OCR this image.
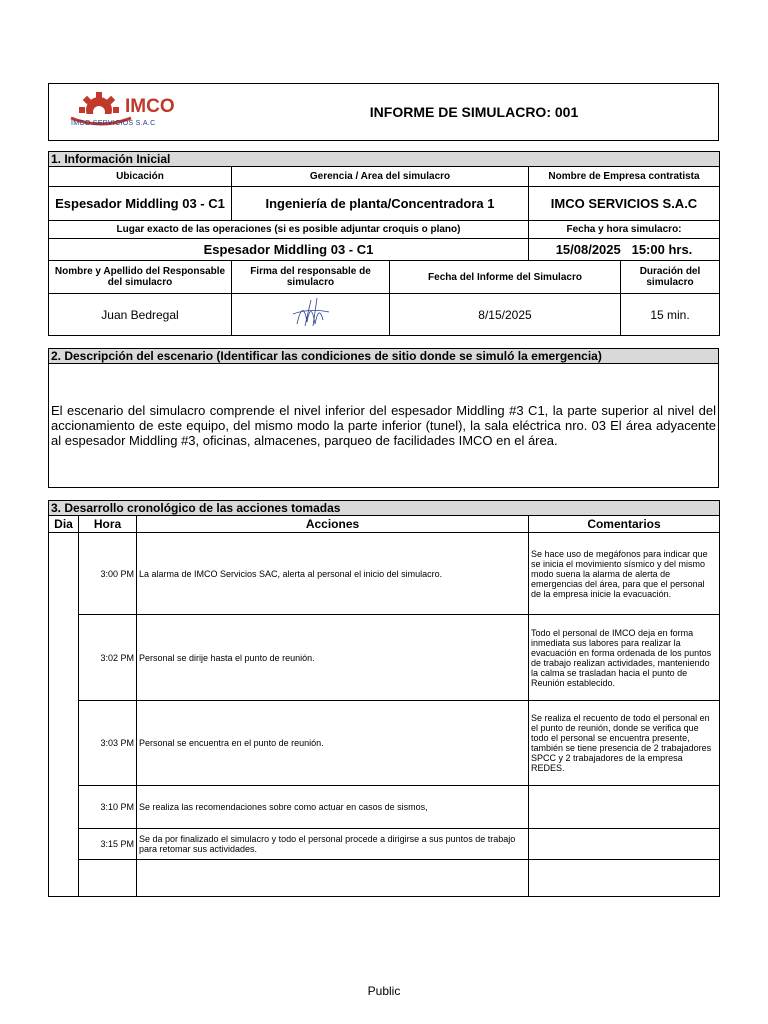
IMCO
IMCO SERVICIOS S.A.C
INFORME DE SIMULACRO: 001
1. Información Inicial				
Ubicación	Gerencia / Area del simulacro		Nombre de Empresa contratista	
Espesador Middling 03 - C1	Ingeniería de planta/Concentradora 1		IMCO SERVICIOS S.A.C	
Lugar exacto de las operaciones (si es posible adjuntar croquis o plano)			Fecha y hora simulacro:	
Espesador Middling 03 - C1			15/08/2025   15:00 hrs.	
Nombre y Apellido del Responsable del simulacro	Firma del responsable de simulacro	Fecha del Informe del Simulacro		Duración del simulacro
Juan Bedregal		8/15/2025		15 min.
2. Descripción del escenario (Identificar las condiciones de sitio donde se simuló la emergencia)
El escenario del simulacro comprende el nivel inferior del espesador Middling #3 C1, la parte superior al nivel del accionamiento de este equipo, del mismo modo la parte inferior (tunel), la sala eléctrica nro. 03 El área adyacente al espesador Middling #3, oficinas, almacenes, parqueo de facilidades IMCO en el área.
3. Desarrollo cronológico de las acciones tomadas			
Dia	Hora	Acciones	Comentarios
	3:00 PM	La alarma de IMCO Servicios SAC, alerta al personal el inicio del simulacro.	Se hace uso de megáfonos para indicar que se inicia el movimiento sísmico y del mismo modo suena la alarma de alerta de emergencias del área, para que el personal de la empresa inicie la evacuación.
	3:02 PM	Personal se dirije hasta el punto de reunión.	Todo el personal de IMCO deja en forma inmediata sus labores para realizar la evacuación en forma ordenada de los puntos de trabajo realizan actividades, manteniendo la calma se trasladan hacia el punto de Reunión establecido.
	3:03 PM	Personal se encuentra en el punto de reunión.	Se realiza el recuento de todo el personal en el punto de reunión, donde se verifica que todo el personal se encuentra presente, también se tiene presencia de 2 trabajadores SPCC y 2 trabajadores de la empresa REDES.
	3:10 PM	Se realiza las recomendaciones sobre como actuar en casos de sismos,	
	3:15 PM	Se da por finalizado el simulacro y todo el personal procede a dirigirse a sus puntos de trabajo para retomar sus actividades.	

Public
